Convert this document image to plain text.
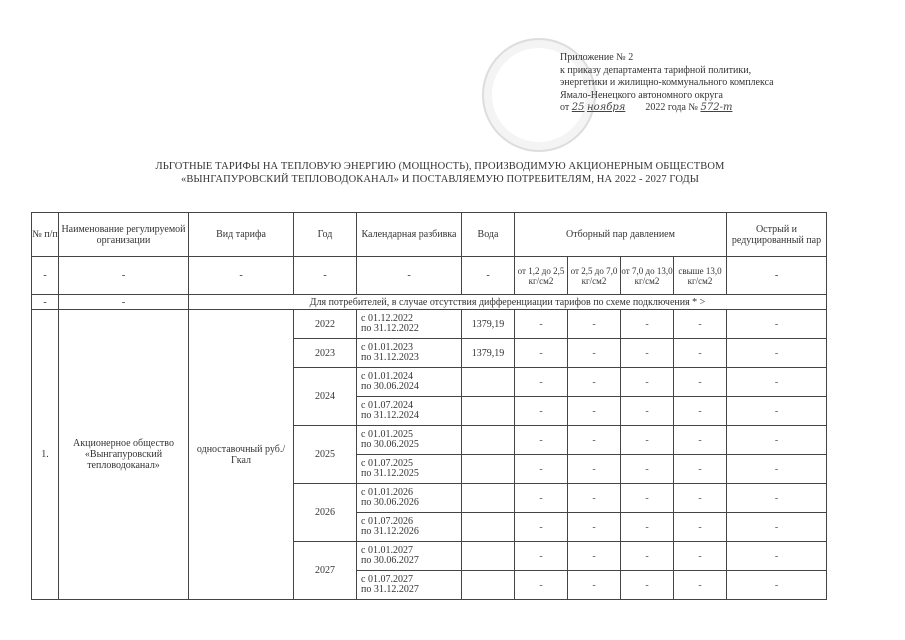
Приложение № 2
к приказу департамента тарифной политики,
энергетики и жилищно-коммунального комплекса
Ямало-Ненецкого автономного округа
от 25 ноября 2022 года № 572-т
ЛЬГОТНЫЕ ТАРИФЫ НА ТЕПЛОВУЮ ЭНЕРГИЮ (МОЩНОСТЬ), ПРОИЗВОДИМУЮ АКЦИОНЕРНЫМ ОБЩЕСТВОМ
«ВЫНГАПУРОВСКИЙ ТЕПЛОВОДОКАНАЛ» И ПОСТАВЛЯЕМУЮ ПОТРЕБИТЕЛЯМ, НА 2022 - 2027 ГОДЫ
№ п/п	Наименование регулируемой организации	Вид тарифа	Год	Календарная разбивка	Вода	Отборный пар давлением				Острый и редуцированный пар
-	-	-	-	-	-	от 1,2 до 2,5 кг/см2	от 2,5 до 7,0 кг/см2	от 7,0 до 13,0 кг/см2	свыше 13,0 кг/см2	-
-	-	Для потребителей, в случае отсутствия дифференциации тарифов по схеме подключения * >								
1.	Акционерное общество «Вынгапуровский тепловодоканал»	одноставочный руб./Гкал	2022	с 01.12.2022
по 31.12.2022	1379,19	-	-	-	-	-
			2023	с 01.01.2023
по 31.12.2023	1379,19	-	-	-	-	-
			2024	с 01.01.2024
по 30.06.2024		-	-	-	-	-

				с 01.07.2024
по 31.12.2024		-	-	-	-	-
			2025	с 01.01.2025
по 30.06.2025		-	-	-	-	-

				с 01.07.2025
по 31.12.2025		-	-	-	-	-
			2026	с 01.01.2026
по 30.06.2026		-	-	-	-	-

				с 01.07.2026
по 31.12.2026		-	-	-	-	-
			2027	с 01.01.2027
по 30.06.2027		-	-	-	-	-

				с 01.07.2027
по 31.12.2027		-	-	-	-	-
